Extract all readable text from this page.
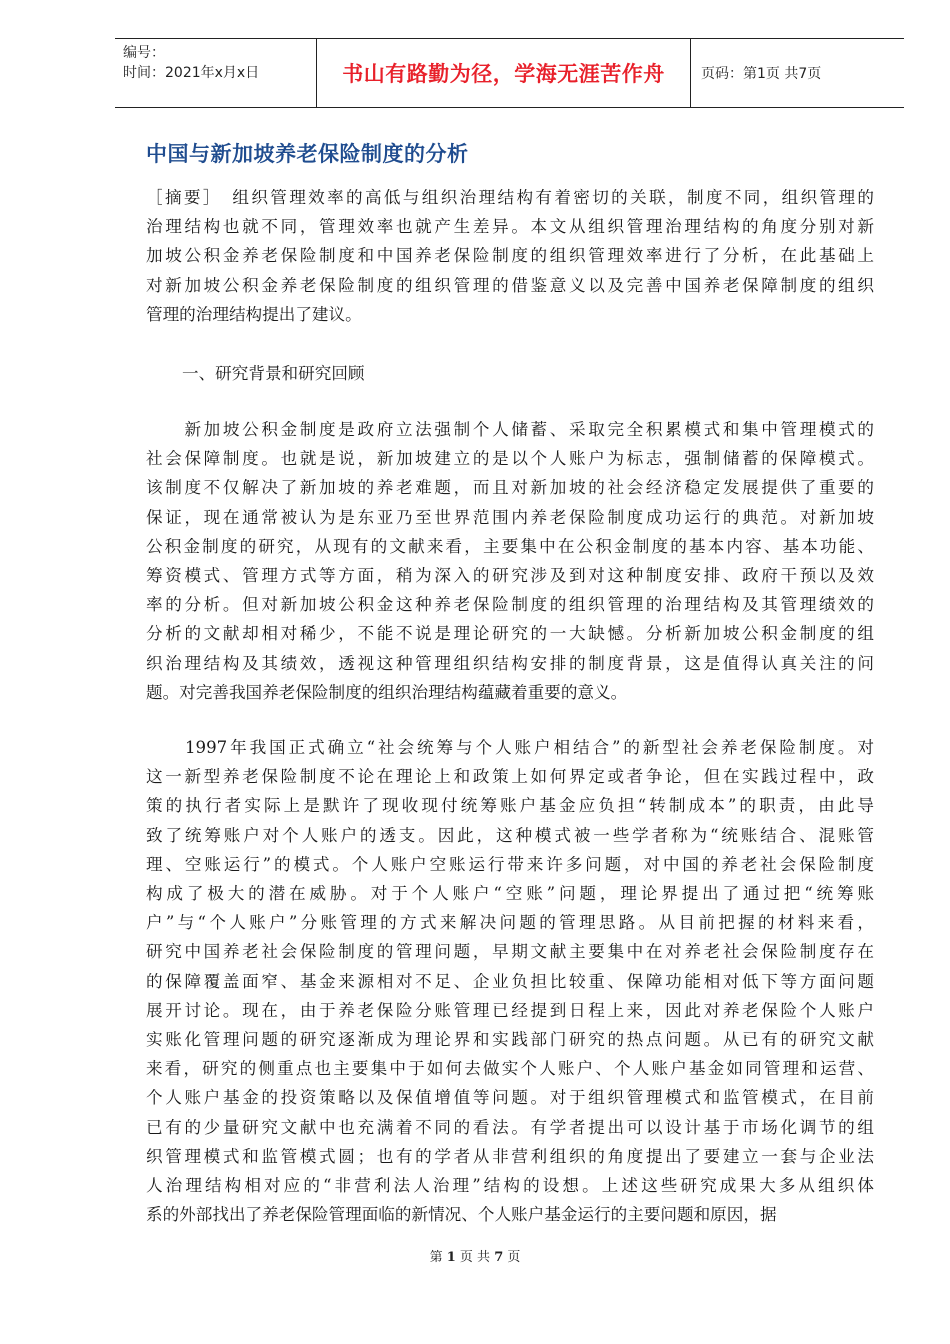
编号：
时间：2021年x月x日	书山有路勤为径，学海无涯苦作舟	页码：第1页 共7页
中国与新加坡养老保险制度的分析
［摘要］　组织管理效率的高低与组织治理结构有着密切的关联，制度不同，组织管理的
治理结构也就不同，管理效率也就产生差异。本文从组织管理治理结构的角度分别对新
加坡公积金养老保险制度和中国养老保险制度的组织管理效率进行了分析，在此基础上
对新加坡公积金养老保险制度的组织管理的借鉴意义以及完善中国养老保障制度的组织
管理的治理结构提出了建议。
一、研究背景和研究回顾
　　新加坡公积金制度是政府立法强制个人储蓄、采取完全积累模式和集中管理模式的
社会保障制度。也就是说，新加坡建立的是以个人账户为标志，强制储蓄的保障模式。
该制度不仅解决了新加坡的养老难题，而且对新加坡的社会经济稳定发展提供了重要的
保证，现在通常被认为是东亚乃至世界范围内养老保险制度成功运行的典范。对新加坡
公积金制度的研究，从现有的文献来看，主要集中在公积金制度的基本内容、基本功能、
筹资模式、管理方式等方面，稍为深入的研究涉及到对这种制度安排、政府干预以及效
率的分析。但对新加坡公积金这种养老保险制度的组织管理的治理结构及其管理绩效的
分析的文献却相对稀少，不能不说是理论研究的一大缺憾。分析新加坡公积金制度的组
织治理结构及其绩效，透视这种管理组织结构安排的制度背景，这是值得认真关注的问
题。对完善我国养老保险制度的组织治理结构蕴藏着重要的意义。
　　1997年我国正式确立“社会统筹与个人账户相结合”的新型社会养老保险制度。对
这一新型养老保险制度不论在理论上和政策上如何界定或者争论，但在实践过程中，政
策的执行者实际上是默许了现收现付统筹账户基金应负担“转制成本”的职责，由此导
致了统筹账户对个人账户的透支。因此，这种模式被一些学者称为“统账结合、混账管
理、空账运行”的模式。个人账户空账运行带来许多问题，对中国的养老社会保险制度
构成了极大的潜在威胁。对于个人账户“空账”问题，理论界提出了通过把“统筹账
户”与“个人账户”分账管理的方式来解决问题的管理思路。从目前把握的材料来看，
研究中国养老社会保险制度的管理问题，早期文献主要集中在对养老社会保险制度存在
的保障覆盖面窄、基金来源相对不足、企业负担比较重、保障功能相对低下等方面问题
展开讨论。现在，由于养老保险分账管理已经提到日程上来，因此对养老保险个人账户
实账化管理问题的研究逐渐成为理论界和实践部门研究的热点问题。从已有的研究文献
来看，研究的侧重点也主要集中于如何去做实个人账户、个人账户基金如同管理和运营、
个人账户基金的投资策略以及保值增值等问题。对于组织管理模式和监管模式，在目前
已有的少量研究文献中也充满着不同的看法。有学者提出可以设计基于市场化调节的组
织管理模式和监管模式圆；也有的学者从非营利组织的角度提出了要建立一套与企业法
人治理结构相对应的“非营利法人治理”结构的设想。上述这些研究成果大多从组织体
系的外部找出了养老保险管理面临的新情况、个人账户基金运行的主要问题和原因，据
第 1 页 共 7 页
